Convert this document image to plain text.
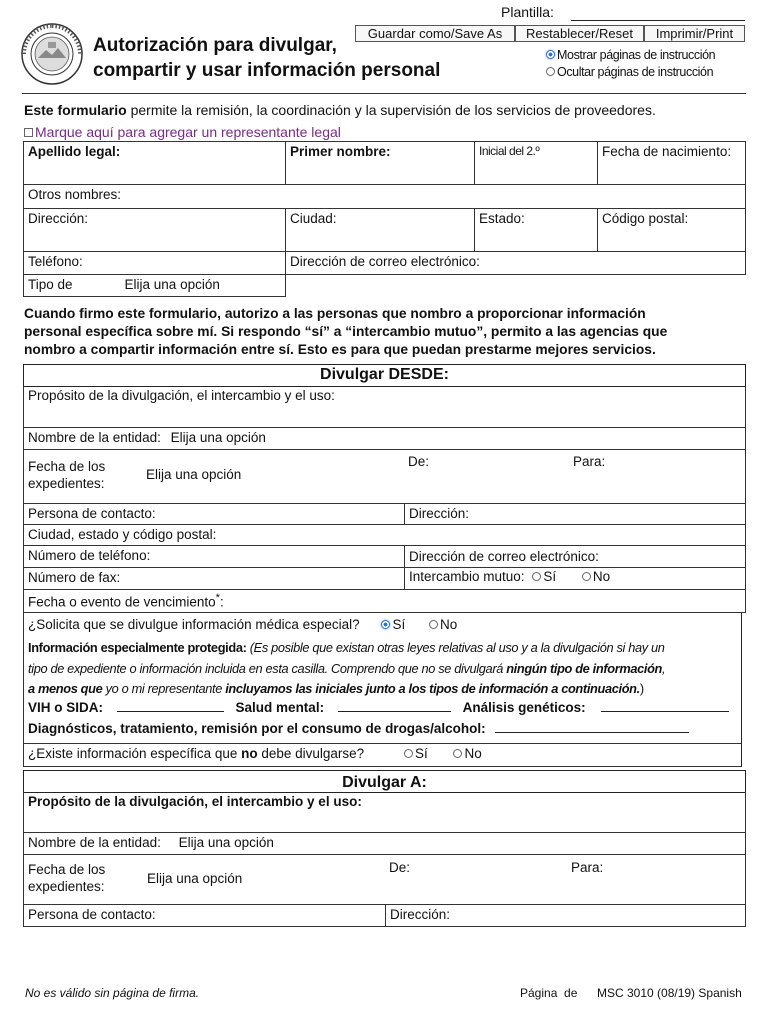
Autorización para divulgar,
compartir y usar información personal
Plantilla:
Guardar como/Save As	Restablecer/Reset	Imprimir/Print
Mostrar páginas de instrucción
Ocultar páginas de instrucción
Este formulario permite la remisión, la coordinación y la supervisión de los servicios de proveedores.
Marque aquí para agregar un representante legal
Apellido legal:	Primer nombre:	Inicial del 2.º	Fecha de nacimiento:
Otros nombres:			
Dirección:	Ciudad:	Estado:	Código postal:
Teléfono:	Dirección de correo electrónico:		
Tipo de Elija una opción			
Cuando firmo este formulario, autorizo a las personas que nombro a proporcionar información
personal específica sobre mí. Si respondo “sí” a “intercambio mutuo”, permito a las agencias que
nombro a compartir información entre sí. Esto es para que puedan prestarme mejores servicios.
Divulgar DESDE:
Propósito de la divulgación, el intercambio y el uso:
Nombre de la entidad: Elija una opción
Fecha de los
expedientes:
Elija una opción
De:	Para:
Persona de contacto:	Dirección:
Ciudad, estado y código postal:
Número de teléfono:	Dirección de correo electrónico:
Número de fax:	Intercambio mutuo: Sí	No
Fecha o evento de vencimiento*:
¿Solicita que se divulgue información médica especial? Sí	No
Información especialmente protegida: (Es posible que existan otras leyes relativas al uso y a la divulgación si hay un
tipo de expediente o información incluida en esta casilla. Comprendo que no se divulgará ningún tipo de información,
a menos que yo o mi representante incluyamos las iniciales junto a los tipos de información a continuación.)
VIH o SIDA:	Salud mental:	Análisis genéticos:
Diagnósticos, tratamiento, remisión por el consumo de drogas/alcohol:
¿Existe información específica que no debe divulgarse?	Sí	No
Divulgar A:
Propósito de la divulgación, el intercambio y el uso:
Nombre de la entidad: Elija una opción
Fecha de los
expedientes:
Elija una opción
De:	Para:
Persona de contacto:	Dirección:
No es válido sin página de firma.	Página  de MSC 3010 (08/19) Spanish
